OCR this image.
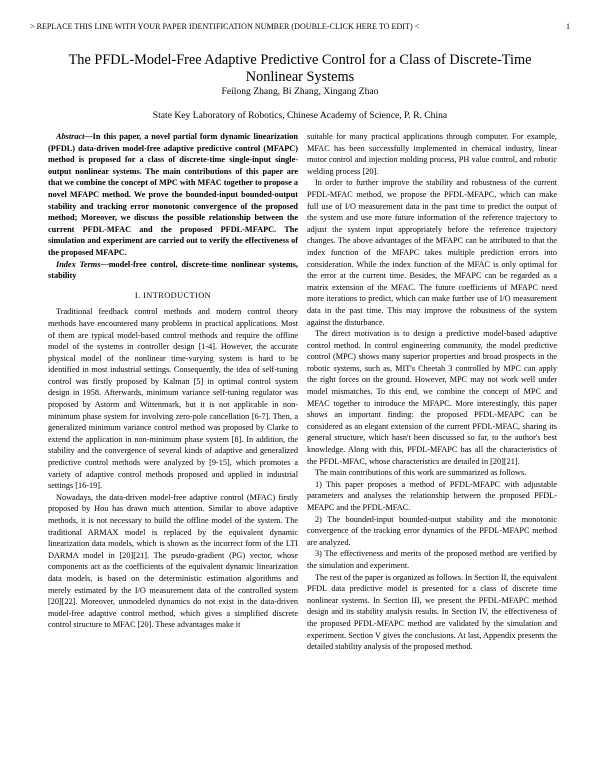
> REPLACE THIS LINE WITH YOUR PAPER IDENTIFICATION NUMBER (DOUBLE-CLICK HERE TO EDIT) <	1
The PFDL-Model-Free Adaptive Predictive Control for a Class of Discrete-Time Nonlinear Systems
Feilong Zhang, Bi Zhang, Xingang Zhao
State Key Laboratory of Robotics, Chinese Academy of Science, P. R. China

Abstract—In this paper, a novel partial form dynamic linearization (PFDL) data-driven model-free adaptive predictive control (MFAPC) method is proposed for a class of discrete-time single-input single-output nonlinear systems. The main contributions of this paper are that we combine the concept of MPC with MFAC together to propose a novel MFAPC method. We prove the bounded-input bounded-output stability and tracking error monotonic convergence of the proposed method; Moreover, we discuss the possible relationship between the current PFDL-MFAC and the proposed PFDL-MFAPC. The simulation and experiment are carried out to verify the effectiveness of the proposed MFAPC.

Index Terms—model-free control, discrete-time nonlinear systems, stability

I. INTRODUCTION

Traditional feedback control methods and modern control theory methods have encountered many problems in practical applications. Most of them are typical model-based control methods and require the offline model of the systems in controller design [1-4]. However, the accurate physical model of the nonlinear time-varying system is hard to be identified in most industrial settings. Consequently, the idea of self-tuning control was firstly proposed by Kalman [5] in optimal control system design in 1958. Afterwards, minimum variance self-tuning regulator was proposed by Astorm and Wittenmark, but it is not applicable in non-minimum phase system for involving zero-pole cancellation [6-7]. Then, a generalized minimum variance control method was proposed by Clarke to extend the application in non-minimum phase system [8]. In addition, the stability and the convergence of several kinds of adaptive and generalized predictive control methods were analyzed by [9-15], which promotes a variety of adaptive control methods proposed and applied in industrial settings [16-19].

Nowadays, the data-driven model-free adaptive control (MFAC) firstly proposed by Hou has drawn much attention. Similar to above adaptive methods, it is not necessary to build the offline model of the system. The traditional ARMAX model is replaced by the equivalent dynamic linearization data models, which is shown as the incorrect form of the LTI DARMA model in [20][21]. The pseudo-gradient (PG) vector, whose components act as the coefficients of the equivalent dynamic linearization data models, is based on the deterministic estimation algorithms and merely estimated by the I/O measurement data of the controlled system [20][22]. Moreover, unmodeled dynamics do not exist in the data-driven model-free adaptive control method, which gives a simplified discrete control structure to MFAC [20]. These advantages make it

suitable for many practical applications through computer. For example, MFAC has been successfully implemented in chemical industry, linear motor control and injection molding process, PH value control, and robotic welding process [20].

In order to further improve the stability and robustness of the current PFDL-MFAC method, we propose the PFDL-MFAPC, which can make full use of I/O measurement data in the past time to predict the output of the system and use more future information of the reference trajectory to adjust the system input appropriately before the reference trajectory changes. The above advantages of the MFAPC can be attributed to that the index function of the MFAPC takes multiple prediction errors into consideration. While the index function of the MFAC is only optimal for the error at the current time. Besides, the MFAPC can be regarded as a matrix extension of the MFAC. The future coefficients of MFAPC need more iterations to predict, which can make further use of I/O measurement data in the past time. This may improve the robustness of the system against the disturbance.

The direct motivation is to design a predictive model-based adaptive control method. In control engineering community, the model predictive control (MPC) shows many superior properties and broad prospects in the robotic systems, such as, MIT's Cheetah 3 controlled by MPC can apply the right forces on the ground. However, MPC may not work well under model mismatches. To this end, we combine the concept of MPC and MFAC together to introduce the MFAPC. More interestingly, this paper shows an important finding: the proposed PFDL-MFAPC can be considered as an elegant extension of the current PFDL-MFAC, sharing its general structure, which hasn't been discussed so far, to the author's best knowledge. Along with this, PFDL-MFAPC has all the characteristics of the PFDL-MFAC, whose characteristics are detailed in [20][21].

The main contributions of this work are summarized as follows.

1) This paper proposes a method of PFDL-MFAPC with adjustable parameters and analyses the relationship between the proposed PFDL-MFAPC and the PFDL-MFAC.

2) The bounded-input bounded-output stability and the monotonic convergence of the tracking error dynamics of the PFDL-MFAPC method are analyzed.

3) The effectiveness and merits of the proposed method are verified by the simulation and experiment.

The rest of the paper is organized as follows. In Section II, the equivalent PFDL data predictive model is presented for a class of discrete time nonlinear systems. In Section III, we present the PFDL-MFAPC method design and its stability analysis results. In Section IV, the effectiveness of the proposed PFDL-MFAPC method are validated by the simulation and experiment. Section V gives the conclusions. At last, Appendix presents the detailed stability analysis of the proposed method.
